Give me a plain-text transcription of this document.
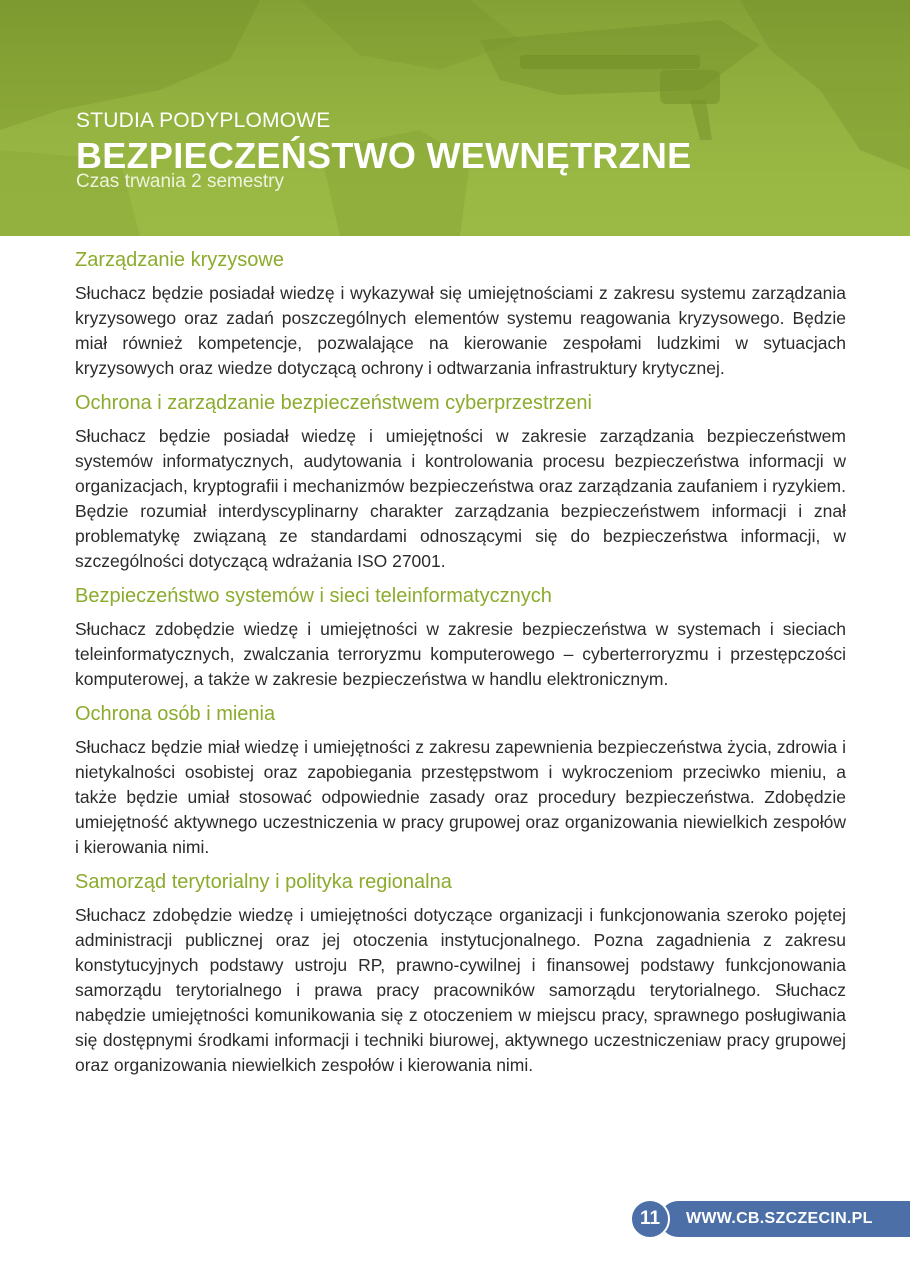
STUDIA PODYPLOMOWE
BEZPIECZEŃSTWO WEWNĘTRZNE
Czas trwania 2 semestry
Zarządzanie kryzysowe

Słuchacz będzie posiadał wiedzę i wykazywał się umiejętnościami z zakresu systemu zarządzania kryzysowego oraz zadań poszczególnych elementów systemu reagowania kryzysowego. Będzie miał również kompetencje, pozwalające na kierowanie zespołami ludzkimi w sytuacjach kryzysowych oraz wiedze dotyczącą ochrony i odtwarzania infrastruktury krytycznej.

Ochrona i zarządzanie bezpieczeństwem cyberprzestrzeni

Słuchacz będzie posiadał wiedzę i umiejętności w zakresie zarządzania bezpieczeństwem systemów informatycznych, audytowania i kontrolowania procesu bezpieczeństwa informacji w organizacjach, kryptografii i mechanizmów bezpieczeństwa oraz zarządzania zaufaniem i ryzykiem. Będzie rozumiał interdyscyplinarny charakter zarządzania bezpieczeństwem informacji i znał problematykę związaną ze standardami odnoszącymi się do bezpieczeństwa informacji, w szczególności dotyczącą wdrażania ISO 27001.

Bezpieczeństwo systemów i sieci teleinformatycznych

Słuchacz zdobędzie wiedzę i umiejętności w zakresie bezpieczeństwa w systemach i sieciach teleinformatycznych, zwalczania terroryzmu komputerowego – cyberterroryzmu i przestępczości komputerowej, a także w zakresie bezpieczeństwa w handlu elektronicznym.

Ochrona osób i mienia

Słuchacz będzie miał wiedzę i umiejętności z zakresu zapewnienia bezpieczeństwa życia, zdrowia i nietykalności osobistej oraz zapobiegania przestępstwom i wykroczeniom przeciwko mieniu, a także będzie umiał stosować odpowiednie zasady oraz procedury bezpieczeństwa. Zdobędzie umiejętność aktywnego uczestniczenia w pracy grupowej oraz organizowania niewielkich zespołów i kierowania nimi.

Samorząd terytorialny i polityka regionalna

Słuchacz zdobędzie wiedzę i umiejętności dotyczące organizacji i funkcjonowania szeroko pojętej administracji publicznej oraz jej otoczenia instytucjonalnego. Pozna zagadnienia z zakresu konstytucyjnych podstawy ustroju RP, prawno-cywilnej i finansowej podstawy funkcjonowania samorządu terytorialnego i prawa pracy pracowników samorządu terytorialnego. Słuchacz nabędzie umiejętności komunikowania się z otoczeniem w miejscu pracy, sprawnego posługiwania się dostępnymi środkami informacji i techniki biurowej, aktywnego uczestniczeniaw pracy grupowej oraz organizowania niewielkich zespołów i kierowania nimi.

11	WWW.CB.SZCZECIN.PL
